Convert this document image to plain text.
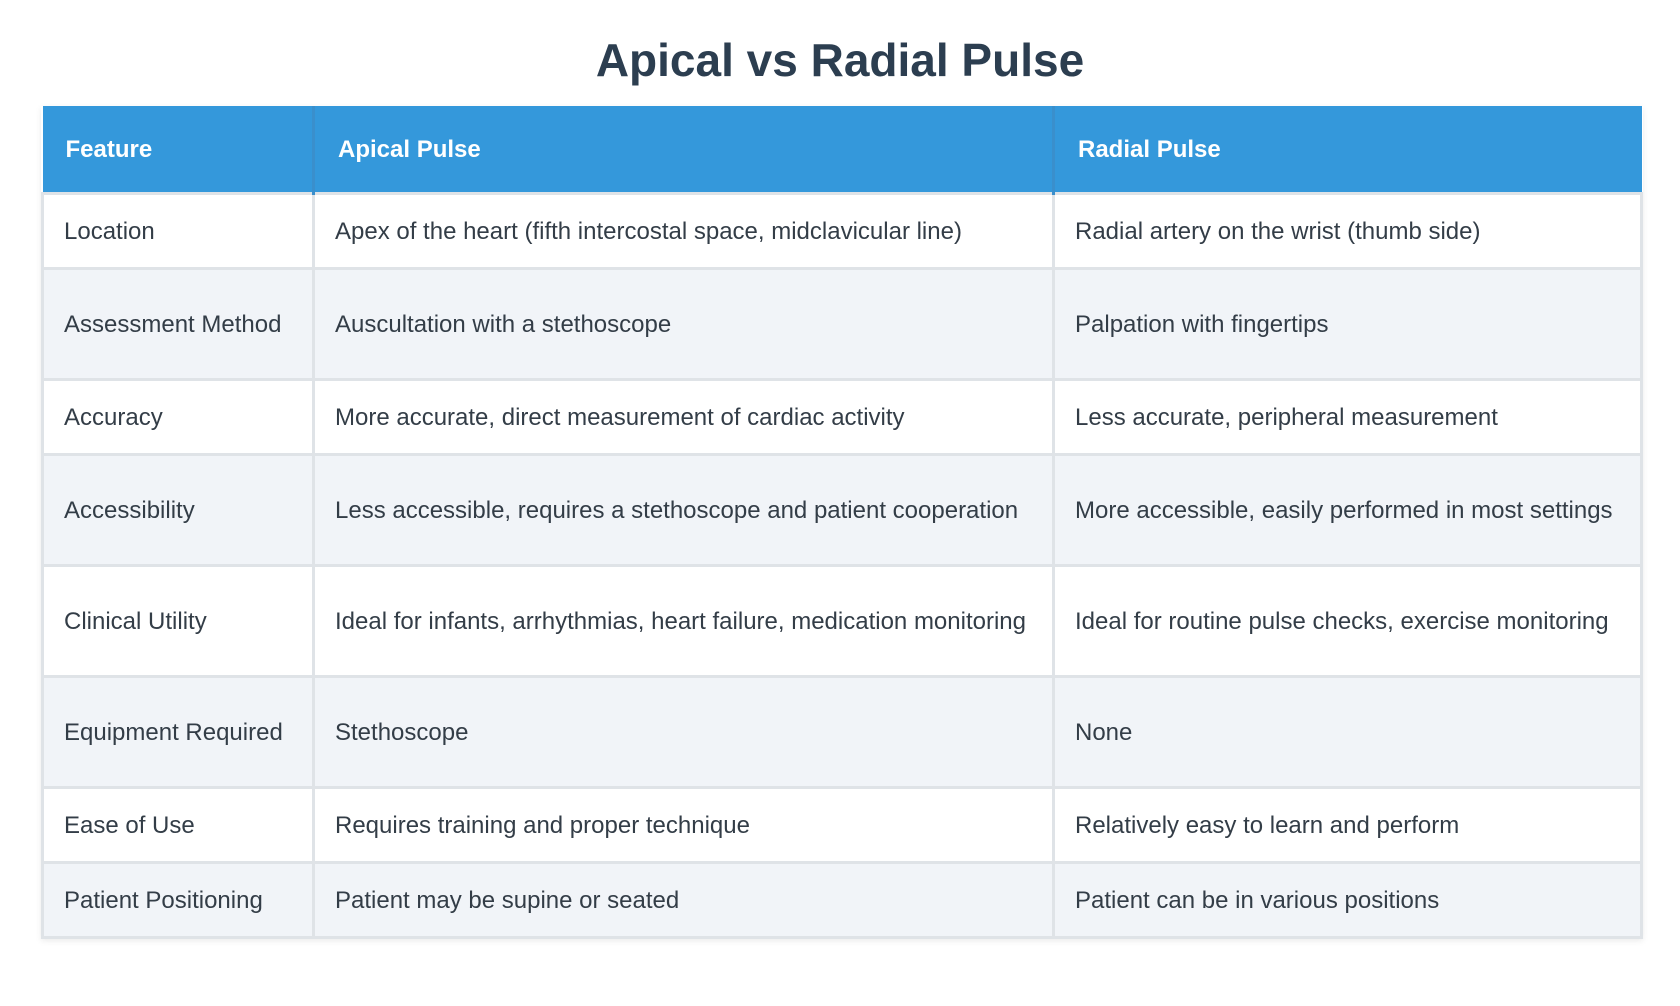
Apical vs Radial Pulse
Feature	Apical Pulse	Radial Pulse
Location	Apex of the heart (fifth intercostal space, midclavicular line)	Radial artery on the wrist (thumb side)
Assessment Method	Auscultation with a stethoscope	Palpation with fingertips
Accuracy	More accurate, direct measurement of cardiac activity	Less accurate, peripheral measurement
Accessibility	Less accessible, requires a stethoscope and patient cooperation	More accessible, easily performed in most settings
Clinical Utility	Ideal for infants, arrhythmias, heart failure, medication monitoring	Ideal for routine pulse checks, exercise monitoring
Equipment Required	Stethoscope	None
Ease of Use	Requires training and proper technique	Relatively easy to learn and perform
Patient Positioning	Patient may be supine or seated	Patient can be in various positions
